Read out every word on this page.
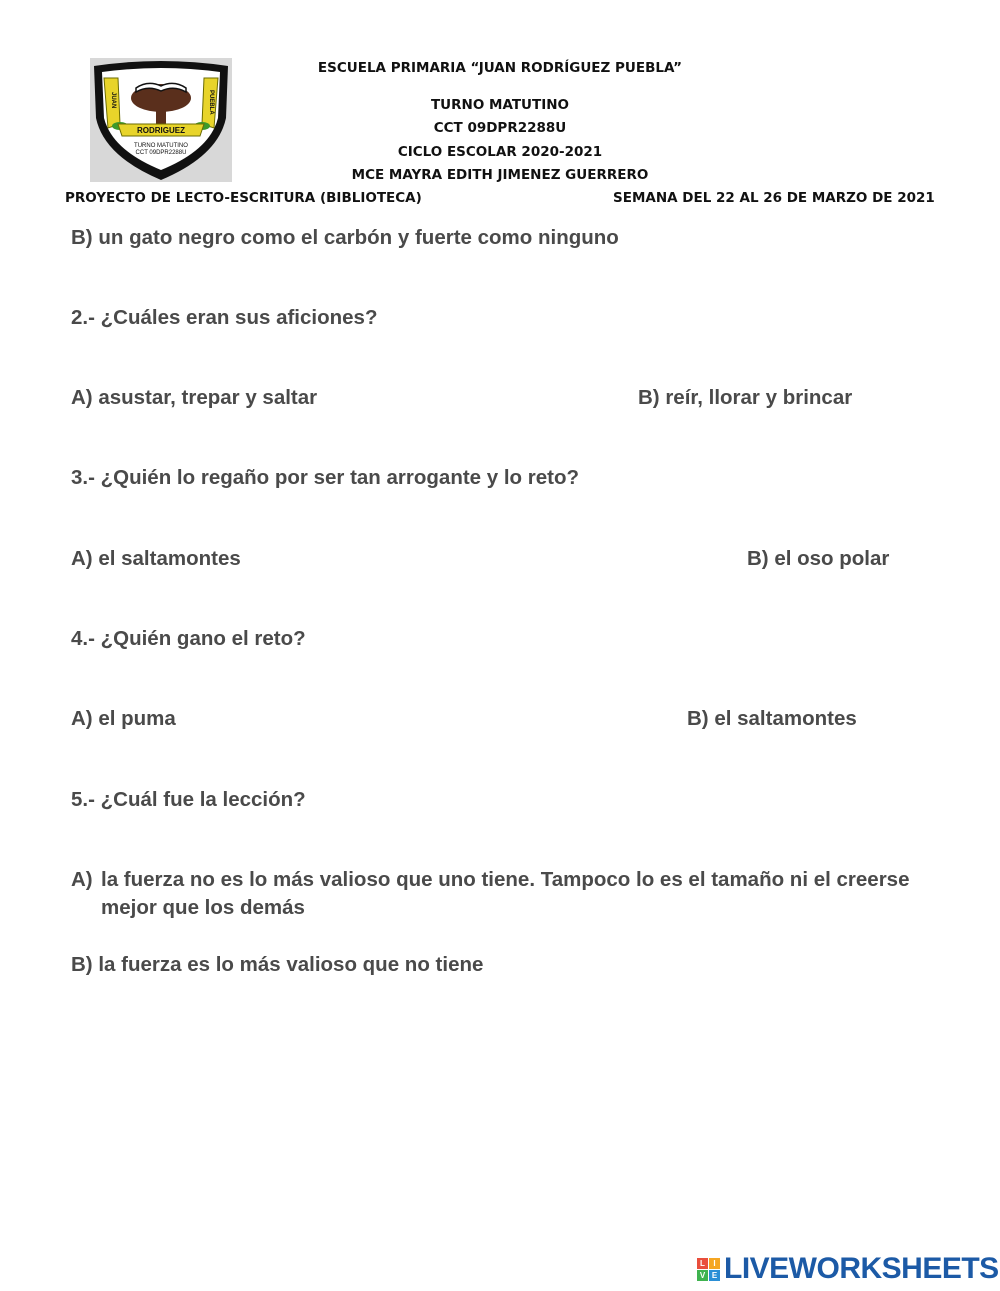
ESCUELA PRIMARIA “JUAN RODRÍGUEZ PUEBLA”
TURNO MATUTINO
CCT 09DPR2288U
CICLO ESCOLAR 2020-2021
MCE MAYRA EDITH JIMENEZ GUERRERO
PROYECTO DE LECTO-ESCRITURA (BIBLIOTECA)	SEMANA DEL 22 AL 26 DE MARZO DE 2021
JUAN	PUEBLA
RODRIGUEZ
TURNO MATUTINO
CCT 09DPR2288U
B) un gato negro como el carbón y fuerte como ninguno
2.- ¿Cuáles eran sus aficiones?
A) asustar, trepar y saltar	B) reír, llorar y brincar
3.- ¿Quién lo regaño por ser tan arrogante y lo reto?
A) el saltamontes	B) el oso polar
4.- ¿Quién gano el reto?
A) el puma	B) el saltamontes
5.- ¿Cuál fue la lección?
A) la fuerza no es lo más valioso que uno tiene. Tampoco lo es el tamaño ni el creerse mejor que los demás
B) la fuerza es lo más valioso que no tiene
L	I
V E LIVEWORKSHEETS
